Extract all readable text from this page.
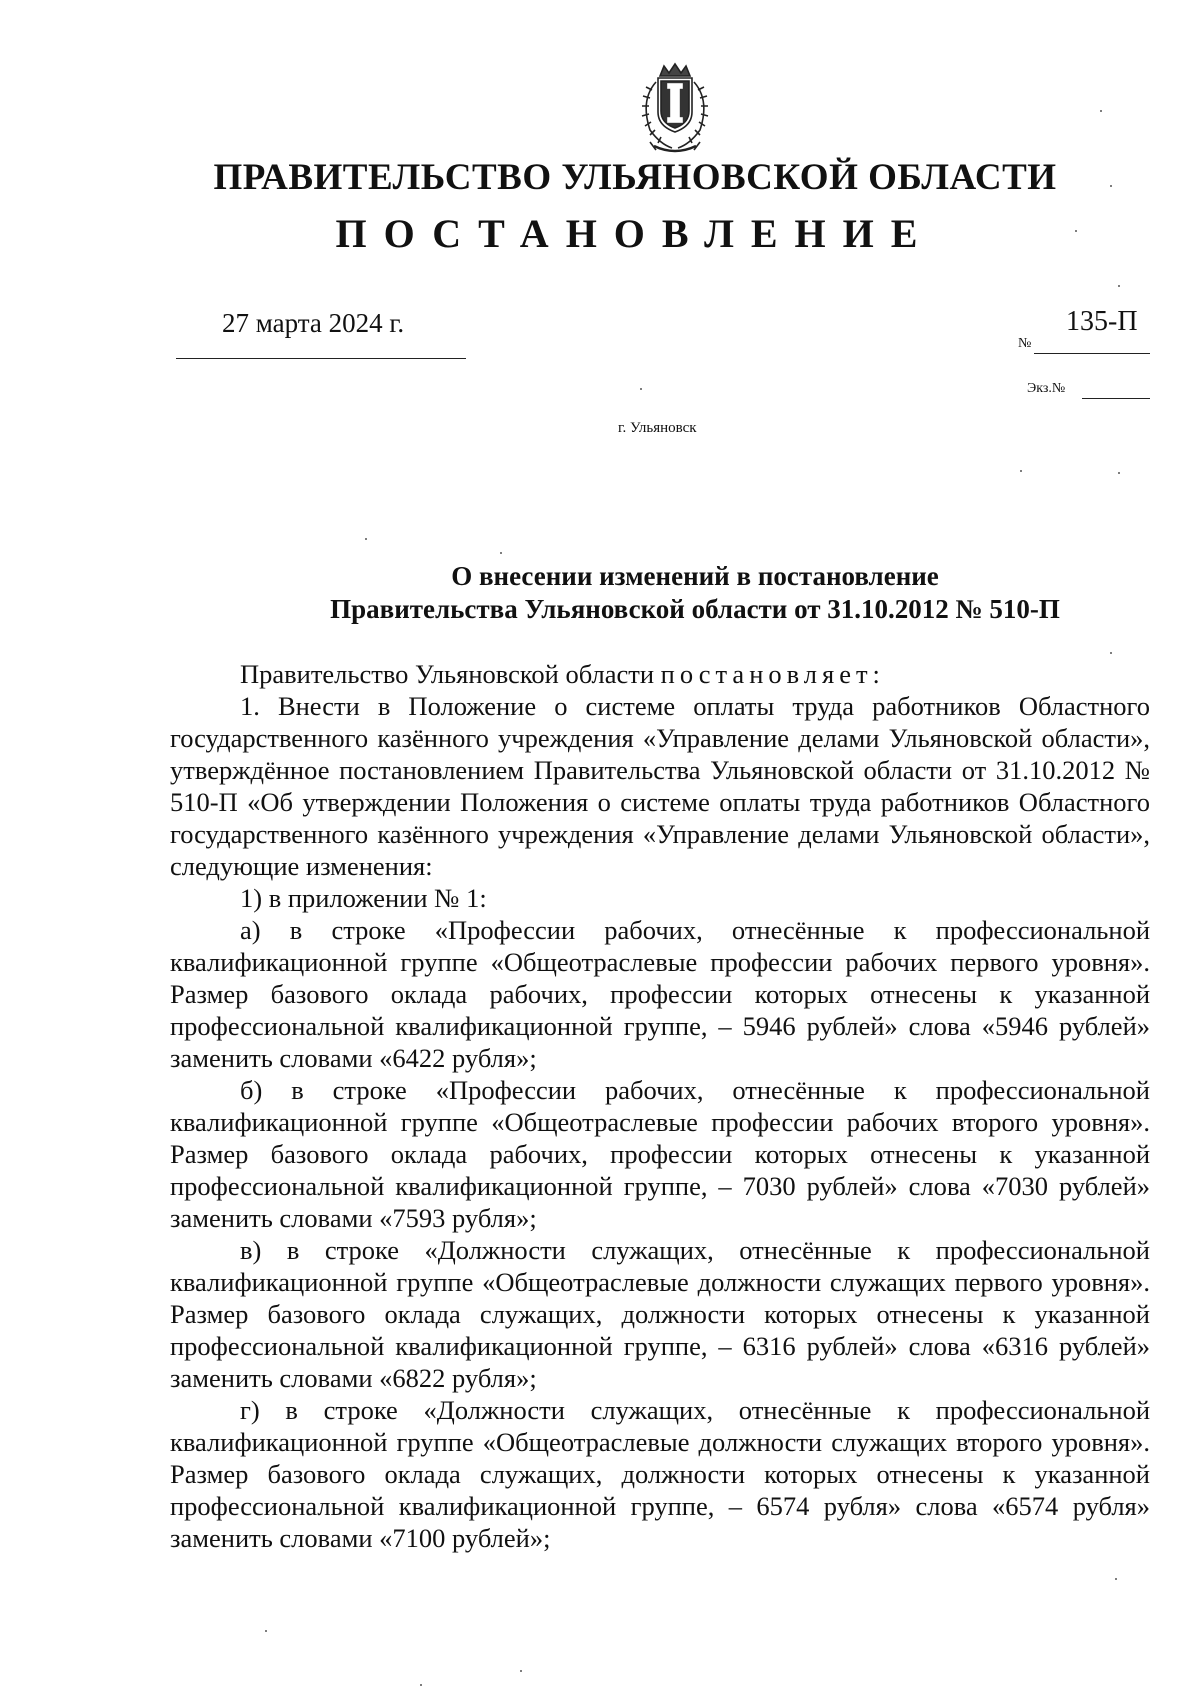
ПРАВИТЕЛЬСТВО УЛЬЯНОВСКОЙ ОБЛАСТИ
ПОСТАНОВЛЕНИЕ
27 марта 2024 г.	135-П
№
Экз.№
г. Ульяновск
О внесении изменений в постановление
Правительства Ульяновской области от 31.10.2012 № 510-П

Правительство Ульяновской области постановляет:

1. Внести в Положение о системе оплаты труда работников Областного государственного казённого учреждения «Управление делами Ульяновской области», утверждённое постановлением Правительства Ульяновской области от 31.10.2012 № 510-П «Об утверждении Положения о системе оплаты труда работников Областного государственного казённого учреждения «Управление делами Ульяновской области», следующие изменения:

1) в приложении № 1:

а) в строке «Профессии рабочих, отнесённые к профессиональной квалификационной группе «Общеотраслевые профессии рабочих первого уровня». Размер базового оклада рабочих, профессии которых отнесены к указанной профессиональной квалификационной группе, – 5946 рублей» слова «5946 рублей» заменить словами «6422 рубля»;

б) в строке «Профессии рабочих, отнесённые к профессиональной квалификационной группе «Общеотраслевые профессии рабочих второго уровня». Размер базового оклада рабочих, профессии которых отнесены к указанной профессиональной квалификационной группе, – 7030 рублей» слова «7030 рублей» заменить словами «7593 рубля»;

в) в строке «Должности служащих, отнесённые к профессиональной квалификационной группе «Общеотраслевые должности служащих первого уровня». Размер базового оклада служащих, должности которых отнесены к указанной профессиональной квалификационной группе, – 6316 рублей» слова «6316 рублей» заменить словами «6822 рубля»;

г) в строке «Должности служащих, отнесённые к профессиональной квалификационной группе «Общеотраслевые должности служащих второго уровня». Размер базового оклада служащих, должности которых отнесены к указанной профессиональной квалификационной группе, – 6574 рубля» слова «6574 рубля» заменить словами «7100 рублей»;
